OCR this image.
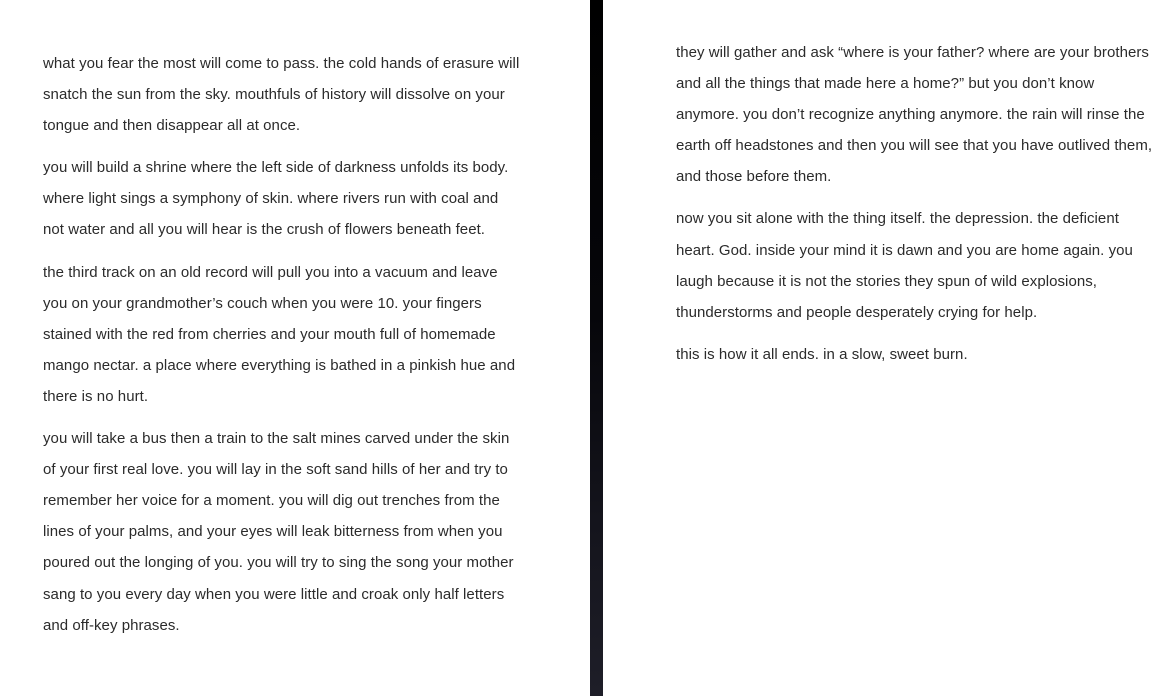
what you fear the most will come to pass. the cold hands of erasure will snatch the sun from the sky. mouthfuls of history will dissolve on your tongue and then disappear all at once.

you will build a shrine where the left side of darkness unfolds its body. where light sings a symphony of skin. where rivers run with coal and not water and all you will hear is the crush of flowers beneath feet.

the third track on an old record will pull you into a vacuum and leave you on your grandmother’s couch when you were 10. your fingers stained with the red from cherries and your mouth full of homemade mango nectar. a place where everything is bathed in a pinkish hue and there is no hurt.

you will take a bus then a train to the salt mines carved under the skin of your first real love. you will lay in the soft sand hills of her and try to remember her voice for a moment. you will dig out trenches from the lines of your palms, and your eyes will leak bitterness from when you poured out the longing of you. you will try to sing the song your mother sang to you every day when you were little and croak only half letters and off-key phrases.

they will gather and ask “where is your father? where are your brothers and all the things that made here a home?” but you don’t know anymore. you don’t recognize anything anymore. the rain will rinse the earth off headstones and then you will see that you have outlived them, and those before them.

now you sit alone with the thing itself. the depression. the deficient heart. God. inside your mind it is dawn and you are home again. you laugh because it is not the stories they spun of wild explosions, thunderstorms and people desperately crying for help.

this is how it all ends. in a slow, sweet burn.
